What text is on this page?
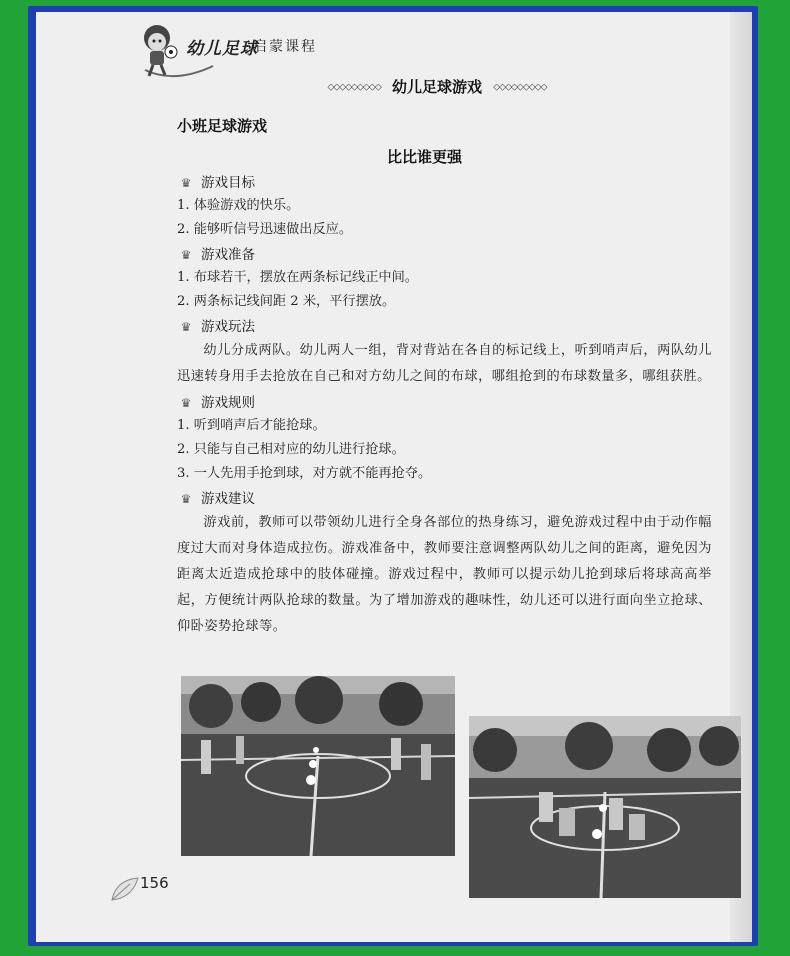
幼儿足球
启蒙课程
◇◇◇◇◇◇◇◇◇ 幼儿足球游戏 ◇◇◇◇◇◇◇◇◇
小班足球游戏
比比谁更强
♛ 游戏目标
1. 体验游戏的快乐。
2. 能够听信号迅速做出反应。
♛ 游戏准备
1. 布球若干，摆放在两条标记线正中间。
2. 两条标记线间距 2 米，平行摆放。
♛ 游戏玩法

幼儿分成两队。幼儿两人一组，背对背站在各自的标记线上，听到哨声后，两队幼儿迅速转身用手去抢放在自己和对方幼儿之间的布球，哪组抢到的布球数量多，哪组获胜。

♛ 游戏规则
1. 听到哨声后才能抢球。
2. 只能与自己相对应的幼儿进行抢球。
3. 一人先用手抢到球，对方就不能再抢夺。
♛ 游戏建议

游戏前，教师可以带领幼儿进行全身各部位的热身练习，避免游戏过程中由于动作幅度过大而对身体造成拉伤。游戏准备中，教师要注意调整两队幼儿之间的距离，避免因为距离太近造成抢球中的肢体碰撞。游戏过程中，教师可以提示幼儿抢到球后将球高高举起，方便统计两队抢球的数量。为了增加游戏的趣味性，幼儿还可以进行面向坐立抢球、仰卧姿势抢球等。

156
